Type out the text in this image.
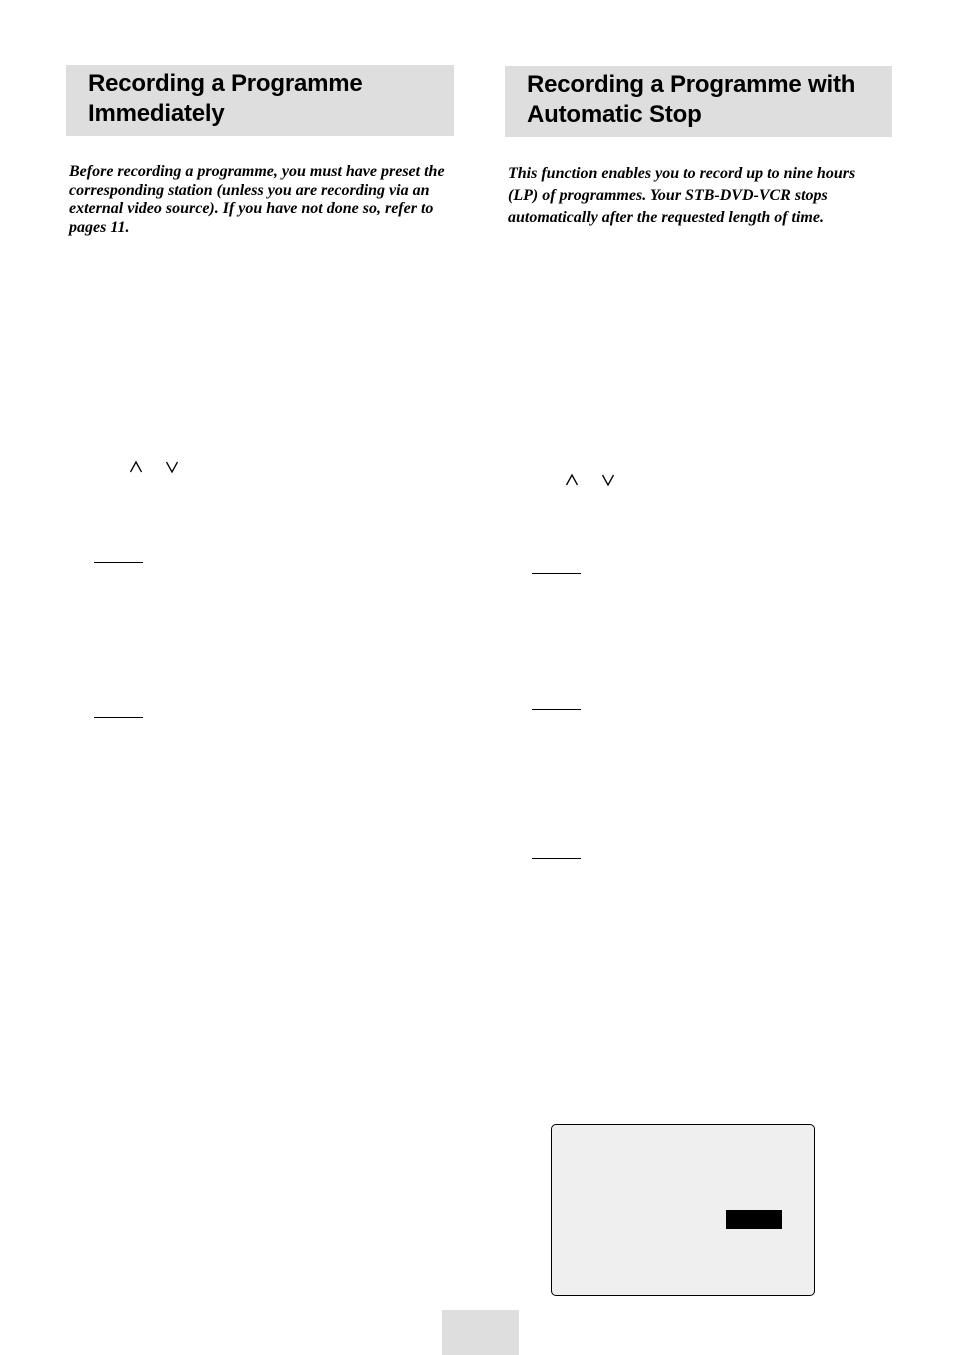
Recording a Programme Immediately

Before recording a programme, you must have preset the corresponding station (unless you are recording via an external video source). If you have not done so, refer to pages 11.

Recording a Programme with Automatic Stop

This function enables you to record up to nine hours (LP) of programmes. Your STB-DVD-VCR stops automatically after the requested length of time.
